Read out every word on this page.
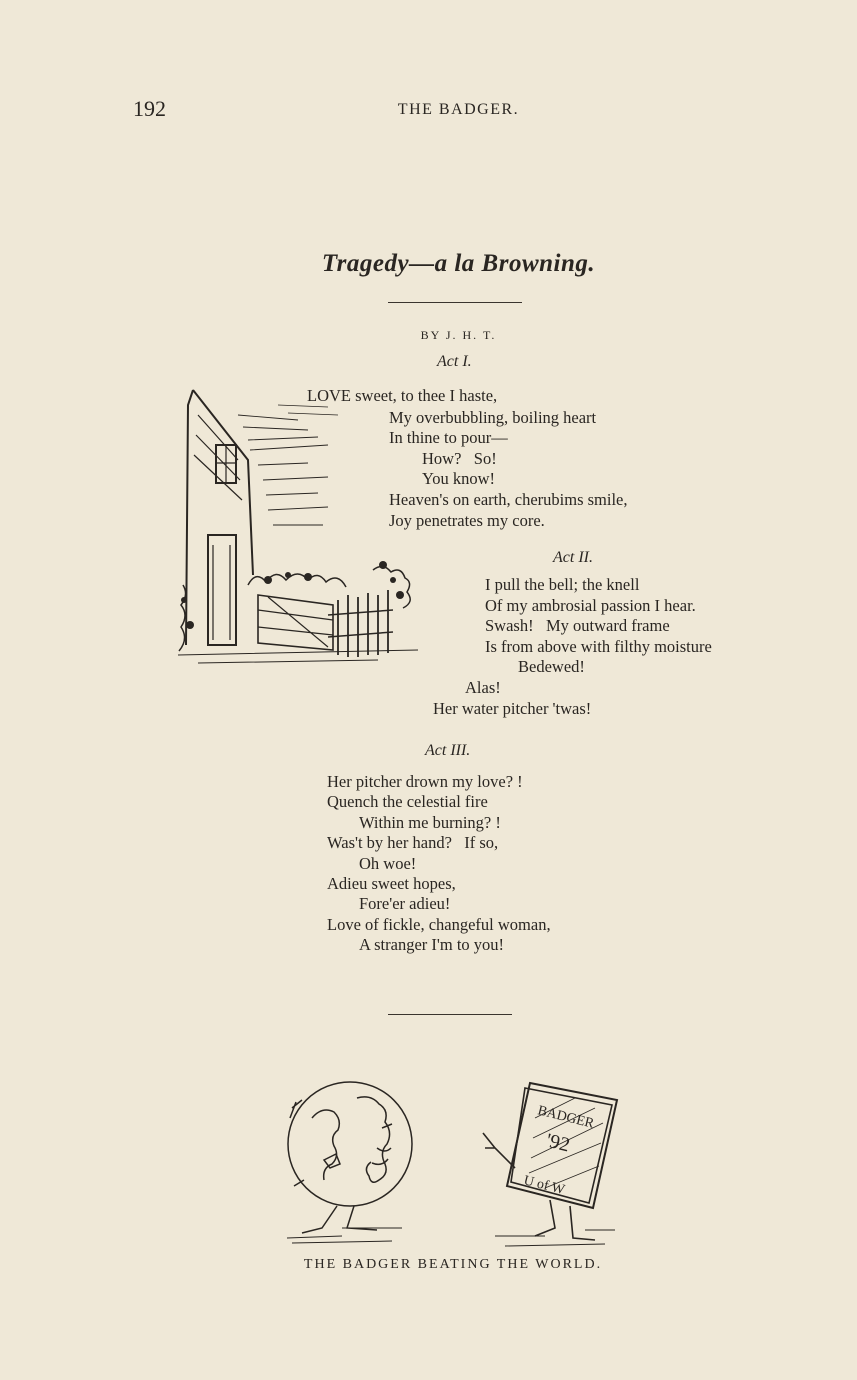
192	THE BADGER.
Tragedy—a la Browning.
BY J. H. T.
Act I.
LOVE sweet, to thee I haste,
My overbubbling, boiling heart
In thine to pour—
How?   So!
You know!
Heaven's on earth, cherubims smile,
Joy penetrates my core.
Act II.
I pull the bell; the knell
Of my ambrosial passion I hear.
Swash!   My outward frame
Is from above with filthy moisture
Bedewed!
Alas!
Her water pitcher 'twas!
Act III.
Her pitcher drown my love? !
Quench the celestial fire
Within me burning? !
Was't by her hand?   If so,
Oh woe!
Adieu sweet hopes,
Fore'er adieu!
Love of fickle, changeful woman,
A stranger I'm to you!
BADGER
'92
U of W
THE BADGER BEATING THE WORLD.
